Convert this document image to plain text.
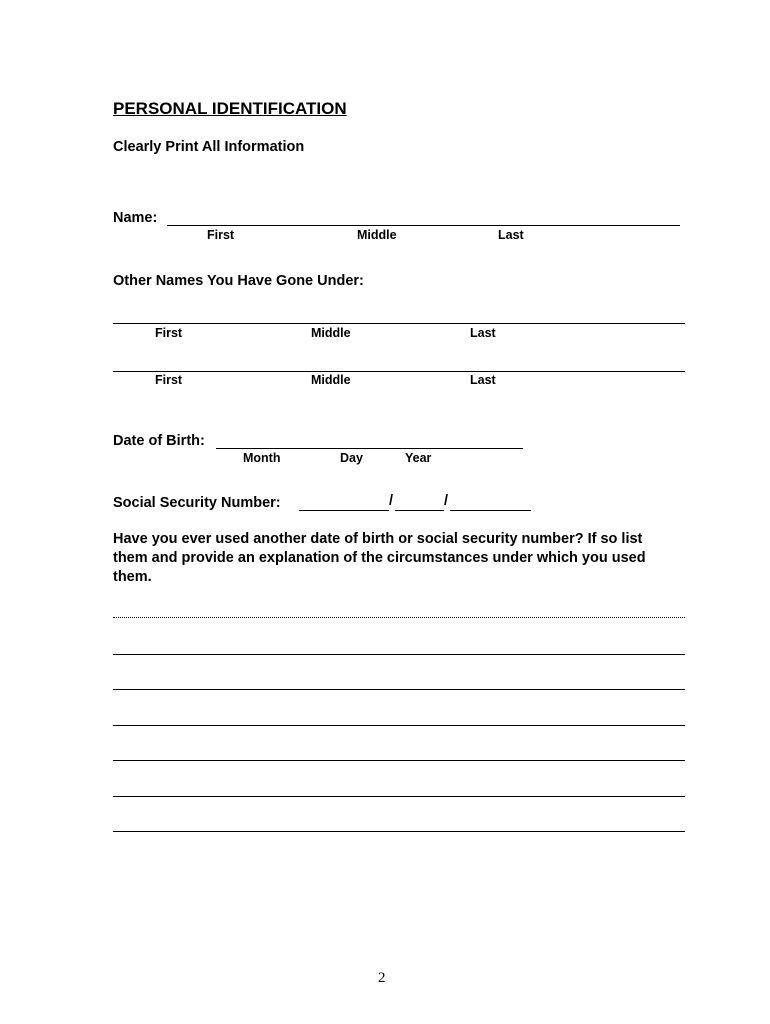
PERSONAL IDENTIFICATION
Clearly Print All Information
Name:
First	Middle	Last
Other Names You Have Gone Under:
First	Middle	Last
First	Middle	Last
Date of Birth:
Month	Day	Year
Social Security Number:	/	/
Have you ever used another date of birth or social security number? If so list them and provide an explanation of the circumstances under which you used them.
2
